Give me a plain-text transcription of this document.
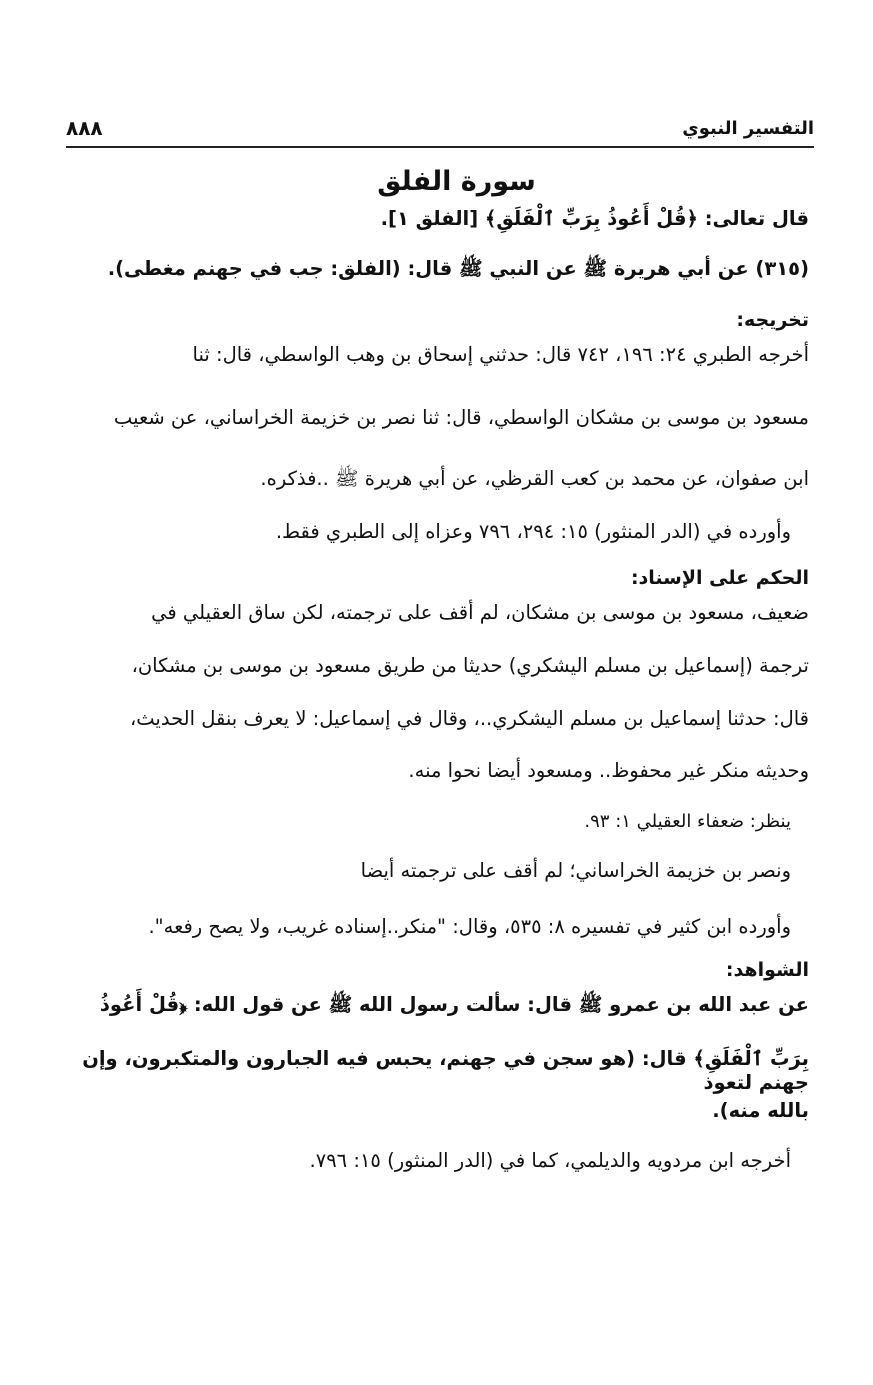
التفسير النبوي
٨٨٨
سورة الفلق
قال تعالى: ﴿قُلْ أَعُوذُ بِرَبِّ ٱلْفَلَقِ﴾ [الفلق ١].
(٣١٥) عن أبي هريرة ﷺ عن النبي ﷺ قال: (الفلق: جب في جهنم مغطى).
تخريجه:
أخرجه الطبري ٢٤: ١٩٦، ٧٤٢ قال: حدثني إسحاق بن وهب الواسطي، قال: ثنا
مسعود بن موسى بن مشكان الواسطي، قال: ثنا نصر بن خزيمة الخراساني، عن شعيب
ابن صفوان، عن محمد بن كعب القرظي، عن أبي هريرة ﷺ ..فذكره.
وأورده في (الدر المنثور) ١٥: ٢٩٤، ٧٩٦ وعزاه إلى الطبري فقط.
الحكم على الإسناد:
ضعيف، مسعود بن موسى بن مشكان، لم أقف على ترجمته، لكن ساق العقيلي في
ترجمة (إسماعيل بن مسلم اليشكري) حديثا من طريق مسعود بن موسى بن مشكان،
قال: حدثنا إسماعيل بن مسلم اليشكري..، وقال في إسماعيل: لا يعرف بنقل الحديث،
وحديثه منكر غير محفوظ.. ومسعود أيضا نحوا منه.
ينظر: ضعفاء العقيلي ١: ٩٣.
ونصر بن خزيمة الخراساني؛ لم أقف على ترجمته أيضا
وأورده ابن كثير في تفسيره ٨: ٥٣٥، وقال: "منكر..إسناده غريب، ولا يصح رفعه".
الشواهد:
عن عبد الله بن عمرو ﷺ قال: سألت رسول الله ﷺ عن قول الله: ﴿قُلْ أَعُوذُ
بِرَبِّ ٱلْفَلَقِ﴾ قال: (هو سجن في جهنم، يحبس فيه الجبارون والمتكبرون، وإن جهنم لتعوذ
بالله منه).
أخرجه ابن مردويه والديلمي، كما في (الدر المنثور) ١٥: ٧٩٦.
